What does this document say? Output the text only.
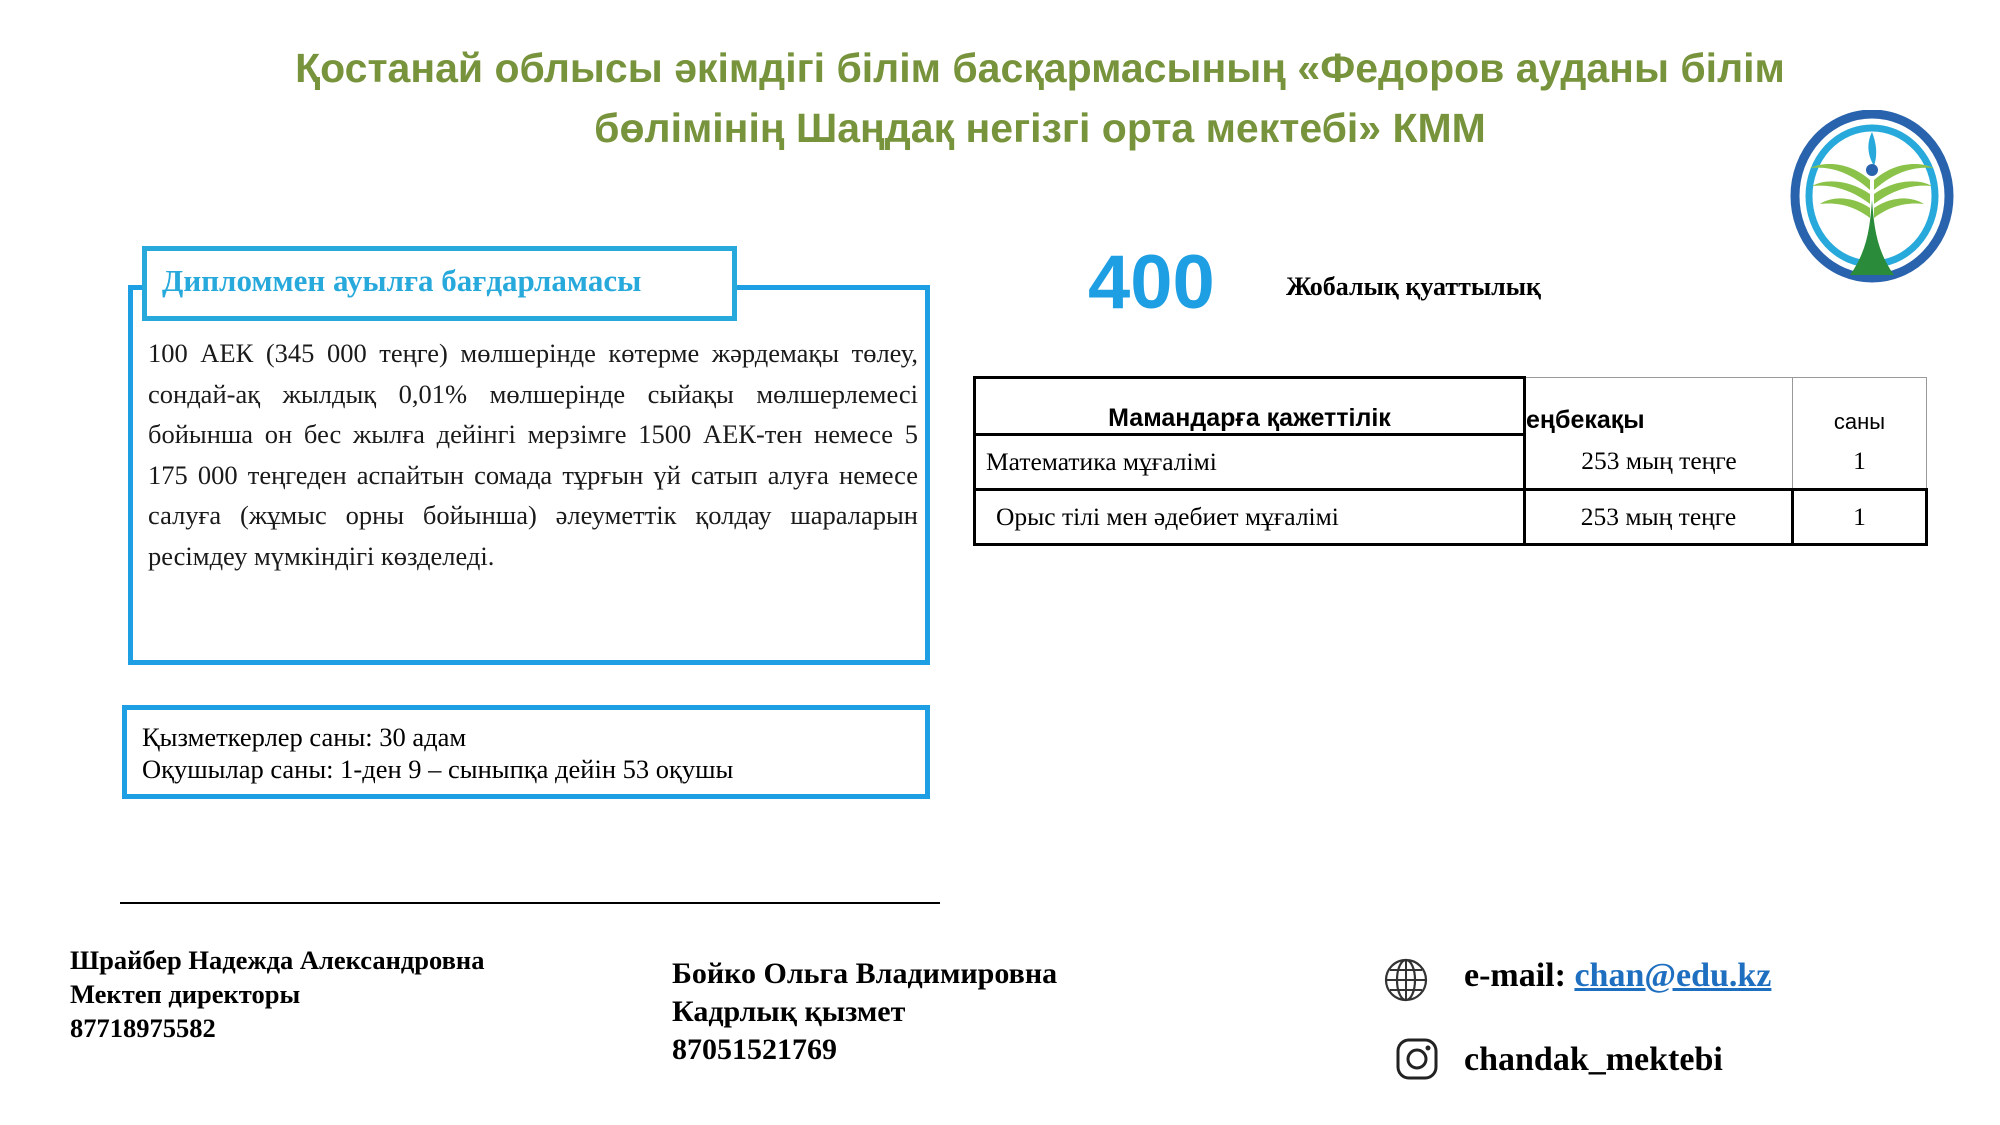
Қостанай облысы әкімдігі білім басқармасының «Федоров ауданы білім бөлімінің Шаңдақ негізгі орта мектебі» КММ
Дипломмен ауылға бағдарламасы
100 АЕК (345 000 теңге) мөлшерінде көтерме жәрдемақы төлеу, сондай-ақ жылдық 0,01% мөлшерінде сыйақы мөлшерлемесі бойынша он бес жылға дейінгі мерзімге 1500 АЕК-тен немесе 5 175 000 теңгеден аспайтын сомада тұрғын үй сатып алуға немесе салуға (жұмыс орны бойынша) әлеуметтік қолдау шараларын ресімдеу мүмкіндігі көзделеді.
Қызметкерлер саны: 30 адам
Оқушылар саны: 1-ден 9 – сыныпқа дейін 53 оқушы
400	Жобалық қуаттылық
Мамандарға қажеттілік	еңбекақы	саны
Математика мұғалімі	253 мың теңге	1
Орыс тілі мен әдебиет мұғалімі	253 мың теңге	1
Шрайбер Надежда Александровна
Мектеп директоры
87718975582
Бойко Ольга Владимировна
Кадрлық қызмет
87051521769
e-mail: chan@edu.kz
chandak_mektebi
